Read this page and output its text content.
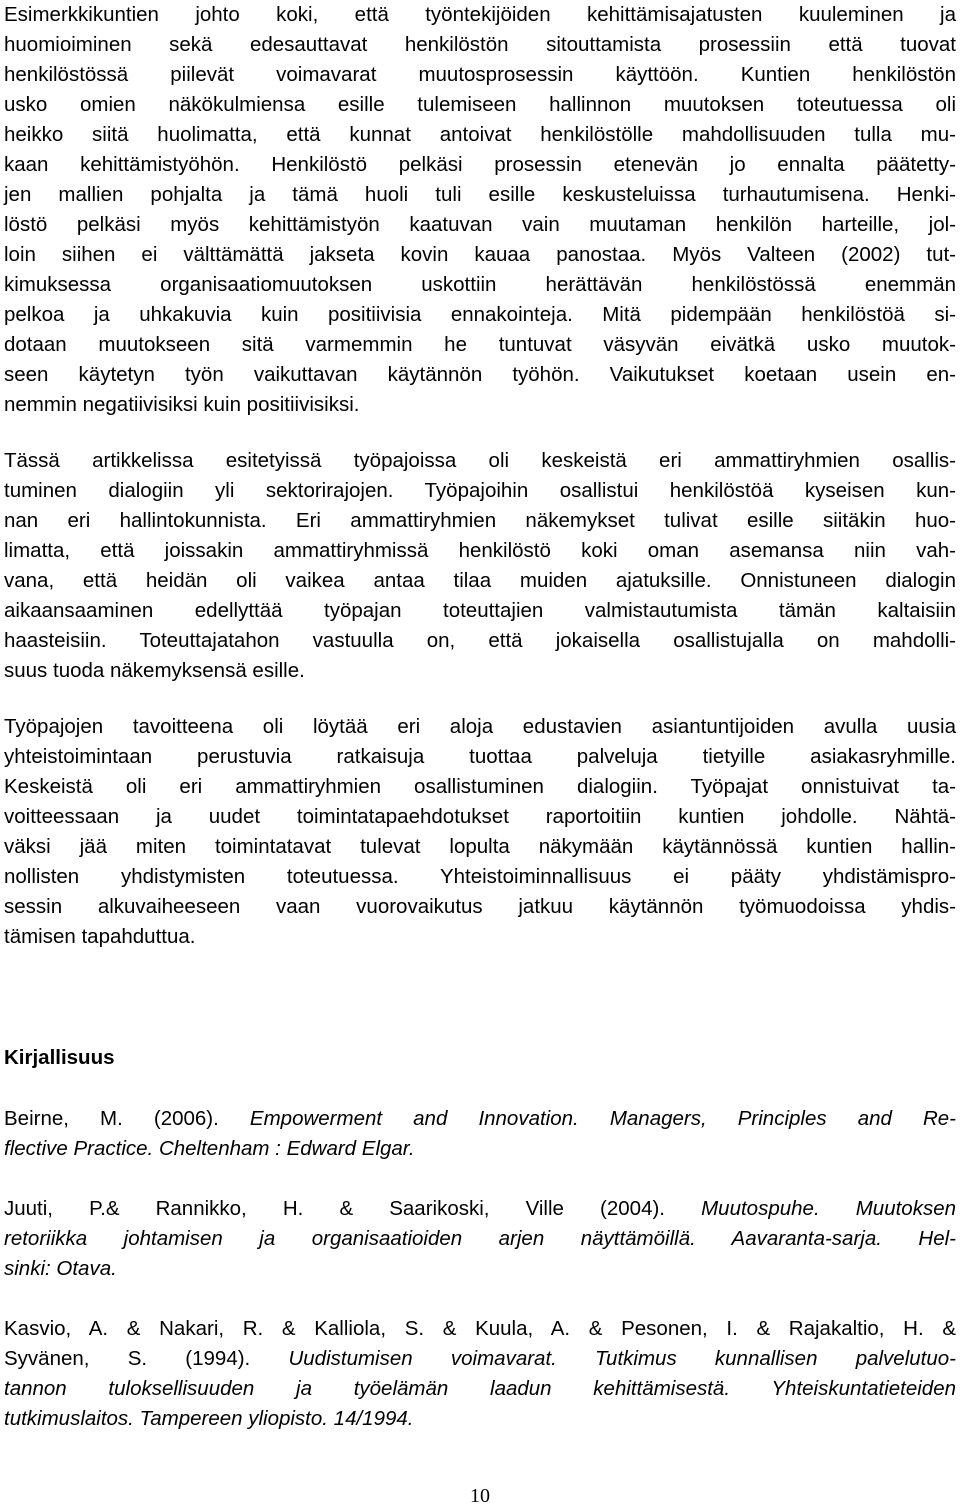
Esimerkkikuntien johto koki, että työntekijöiden kehittämisajatusten kuuleminen ja
huomioiminen sekä edesauttavat henkilöstön sitouttamista prosessiin että tuovat
henkilöstössä piilevät voimavarat muutosprosessin käyttöön. Kuntien henkilöstön
usko omien näkökulmiensa esille tulemiseen hallinnon muutoksen toteutuessa oli
heikko siitä huolimatta, että kunnat antoivat henkilöstölle mahdollisuuden tulla mu-
kaan kehittämistyöhön. Henkilöstö pelkäsi prosessin etenevän jo ennalta päätetty-
jen mallien pohjalta ja tämä huoli tuli esille keskusteluissa turhautumisena. Henki-
löstö pelkäsi myös kehittämistyön kaatuvan vain muutaman henkilön harteille, jol-
loin siihen ei välttämättä jakseta kovin kauaa panostaa. Myös Valteen (2002) tut-
kimuksessa organisaatiomuutoksen uskottiin herättävän henkilöstössä enemmän
pelkoa ja uhkakuvia kuin positiivisia ennakointeja. Mitä pidempään henkilöstöä si-
dotaan muutokseen sitä varmemmin he tuntuvat väsyvän eivätkä usko muutok-
seen käytetyn työn vaikuttavan käytännön työhön. Vaikutukset koetaan usein en-
nemmin negatiivisiksi kuin positiivisiksi.
Tässä artikkelissa esitetyissä työpajoissa oli keskeistä eri ammattiryhmien osallis-
tuminen dialogiin yli sektorirajojen. Työpajoihin osallistui henkilöstöä kyseisen kun-
nan eri hallintokunnista. Eri ammattiryhmien näkemykset tulivat esille siitäkin huo-
limatta, että joissakin ammattiryhmissä henkilöstö koki oman asemansa niin vah-
vana, että heidän oli vaikea antaa tilaa muiden ajatuksille. Onnistuneen dialogin
aikaansaaminen edellyttää työpajan toteuttajien valmistautumista tämän kaltaisiin
haasteisiin. Toteuttajatahon vastuulla on, että jokaisella osallistujalla on mahdolli-
suus tuoda näkemyksensä esille.
Työpajojen tavoitteena oli löytää eri aloja edustavien asiantuntijoiden avulla uusia
yhteistoimintaan perustuvia ratkaisuja tuottaa palveluja tietyille asiakasryhmille.
Keskeistä oli eri ammattiryhmien osallistuminen dialogiin. Työpajat onnistuivat ta-
voitteessaan ja uudet toimintatapaehdotukset raportoitiin kuntien johdolle. Nähtä-
väksi jää miten toimintatavat tulevat lopulta näkymään käytännössä kuntien hallin-
nollisten yhdistymisten toteutuessa. Yhteistoiminnallisuus ei pääty yhdistämispro-
sessin alkuvaiheeseen vaan vuorovaikutus jatkuu käytännön työmuodoissa yhdis-
tämisen tapahduttua.
Kirjallisuus
Beirne, M. (2006). Empowerment and Innovation. Managers, Principles and Re-
flective Practice. Cheltenham : Edward Elgar.
Juuti, P.& Rannikko, H. & Saarikoski, Ville (2004). Muutospuhe. Muutoksen
retoriikka johtamisen ja organisaatioiden arjen näyttämöillä. Aavaranta-sarja. Hel-
sinki: Otava.
Kasvio, A. & Nakari, R. & Kalliola, S. & Kuula, A. & Pesonen, I. & Rajakaltio, H. &
Syvänen, S. (1994). Uudistumisen voimavarat. Tutkimus kunnallisen palvelutuo-
tannon tuloksellisuuden ja työelämän laadun kehittämisestä. Yhteiskuntatieteiden
tutkimuslaitos. Tampereen yliopisto. 14/1994.
10
